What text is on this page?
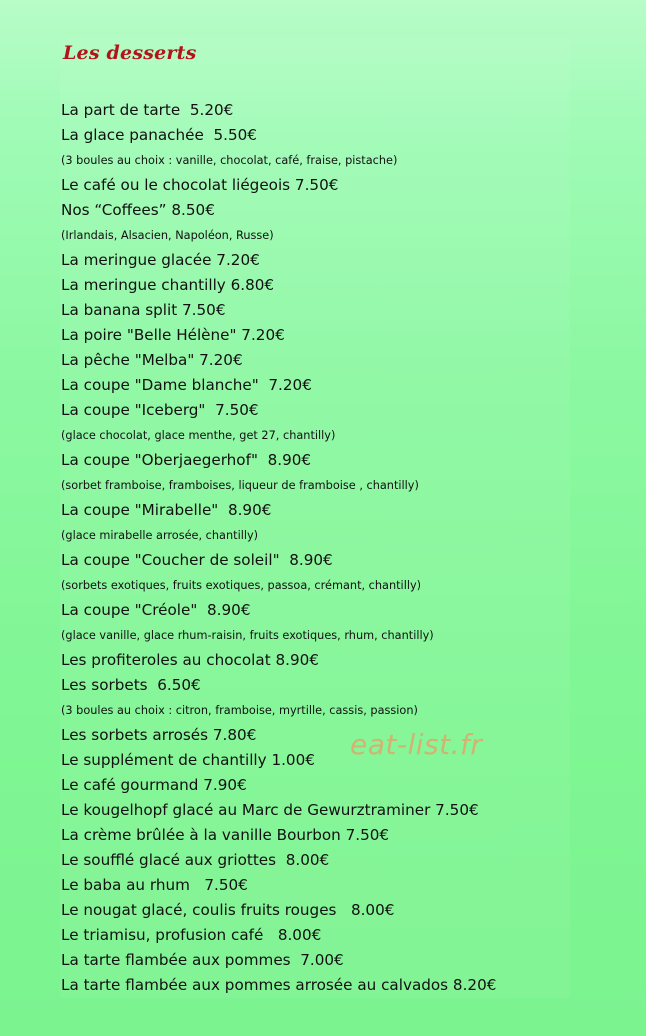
Les desserts
La part de tarte  5.20€
La glace panachée  5.50€
(3 boules au choix : vanille, chocolat, café, fraise, pistache)
Le café ou le chocolat liégeois 7.50€
Nos “Coffees” 8.50€
(Irlandais, Alsacien, Napoléon, Russe)
La meringue glacée 7.20€
La meringue chantilly 6.80€
La banana split 7.50€
La poire "Belle Hélène" 7.20€
La pêche "Melba" 7.20€
La coupe "Dame blanche"  7.20€
La coupe "Iceberg"  7.50€
(glace chocolat, glace menthe, get 27, chantilly)
La coupe "Oberjaegerhof"  8.90€
(sorbet framboise, framboises, liqueur de framboise , chantilly)
La coupe "Mirabelle"  8.90€
(glace mirabelle arrosée, chantilly)
La coupe "Coucher de soleil"  8.90€
(sorbets exotiques, fruits exotiques, passoa, crémant, chantilly)
La coupe "Créole"  8.90€
(glace vanille, glace rhum-raisin, fruits exotiques, rhum, chantilly)
Les profiteroles au chocolat 8.90€
Les sorbets  6.50€
(3 boules au choix : citron, framboise, myrtille, cassis, passion)
Les sorbets arrosés 7.80€
Le supplément de chantilly 1.00€
Le café gourmand 7.90€
Le kougelhopf glacé au Marc de Gewurztraminer 7.50€
La crème brûlée à la vanille Bourbon 7.50€
Le soufflé glacé aux griottes  8.00€
Le baba au rhum   7.50€
Le nougat glacé, coulis fruits rouges   8.00€
Le triamisu, profusion café   8.00€
La tarte flambée aux pommes  7.00€
La tarte flambée aux pommes arrosée au calvados 8.20€
eat-list.fr
